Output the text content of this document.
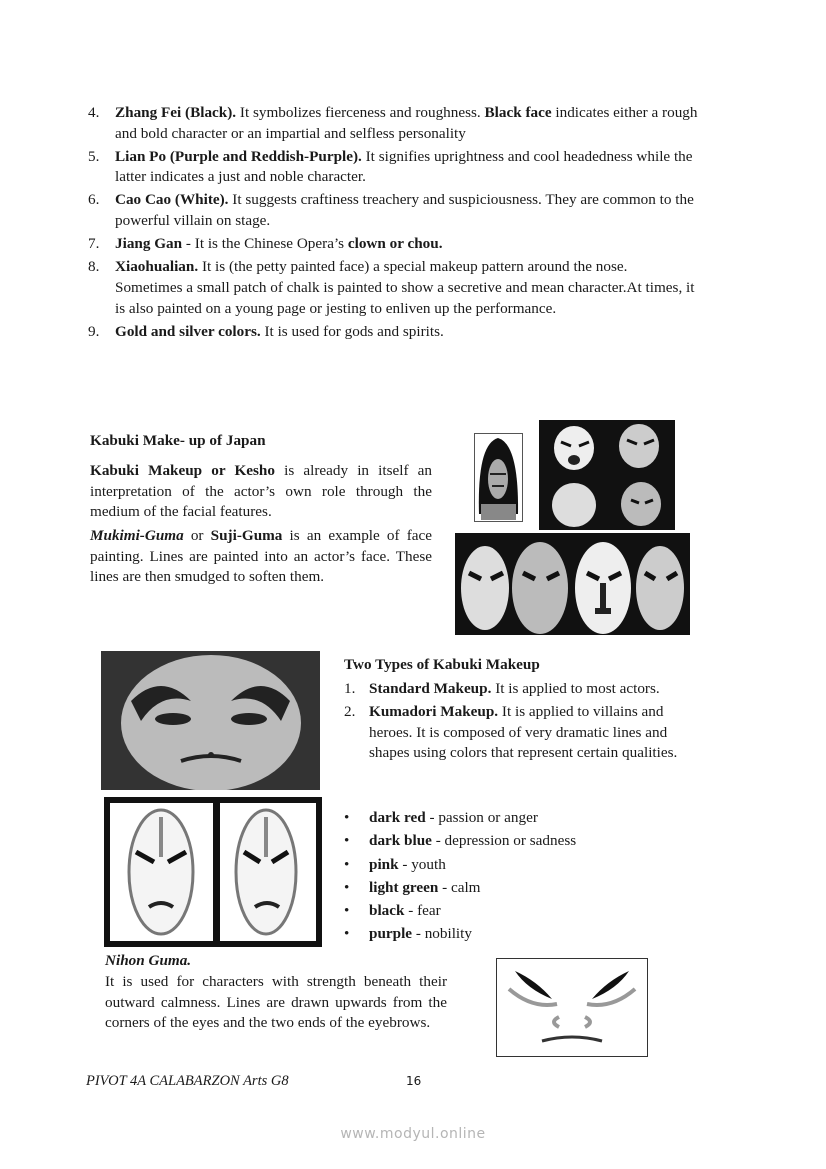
4.	Zhang Fei (Black). It symbolizes fierceness and roughness. Black face indicates either a rough and bold character or an impartial and selfless personality
5.	Lian Po (Purple and Reddish-Purple). It signifies uprightness and cool headedness while the latter indicates a just and noble character.
6.	Cao Cao (White). It suggests craftiness treachery and suspiciousness. They are common to the powerful villain on stage.
7.	Jiang Gan - It is the Chinese Opera’s clown or chou.
8.	Xiaohualian. It is (the petty painted face) a special makeup pattern around the nose. Sometimes a small patch of chalk is painted to show a secretive and mean character.At times, it is also painted on a young page or jesting to enliven up the performance.
9.	Gold and silver colors. It is used for gods and spirits.
Kabuki Make- up of Japan
Kabuki Makeup or Kesho is already in itself an interpretation of the actor’s own role through the medium of the facial features.
Mukimi-Guma or Suji-Guma is an example of face painting. Lines are painted into an actor’s face. These lines are then smudged to soften them.
Two Types of Kabuki Makeup
1. Standard Makeup. It is applied to most actors.
2. Kumadori Makeup. It is applied to villains and heroes. It is composed of very dramatic lines and shapes using colors that represent certain qualities.
•	dark red - passion or anger
•	dark blue - depression or sadness
•	pink - youth
•	light green - calm
•	black - fear
•	purple - nobility
Nihon Guma.
It is used for characters with strength beneath their outward calmness. Lines are drawn upwards from the corners of the eyes and the two ends of the eyebrows.
PIVOT 4A CALABARZON Arts G8	16
www.modyul.online
